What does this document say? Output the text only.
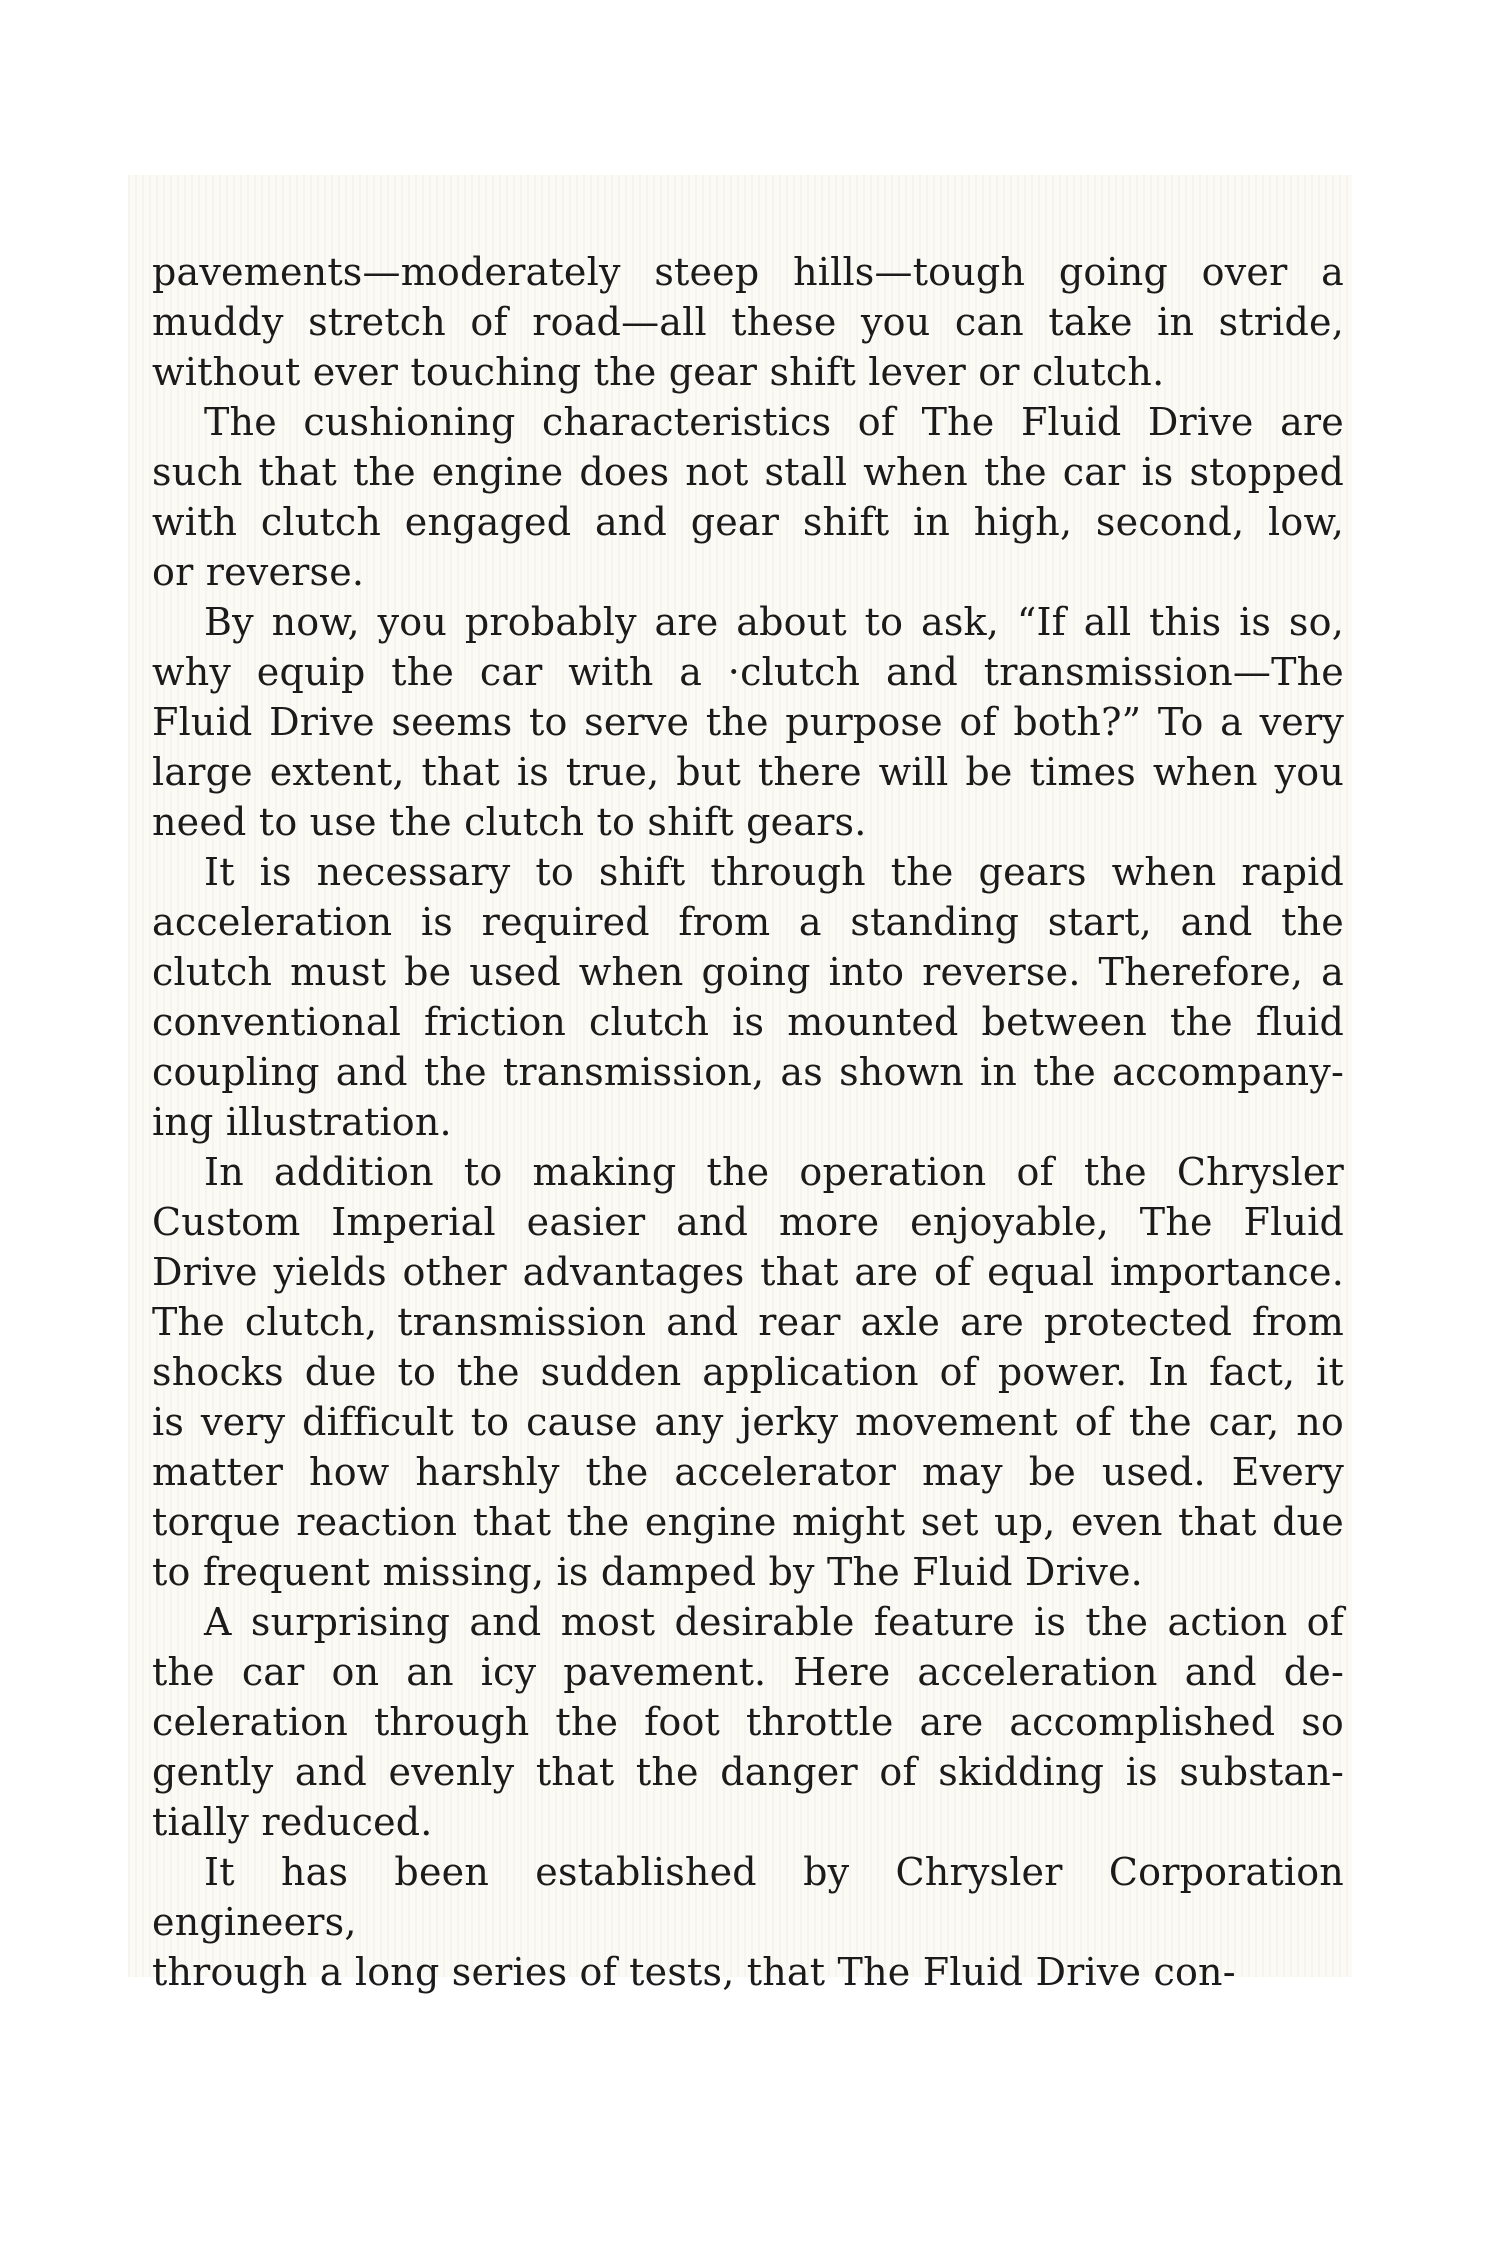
pavements—moderately steep hills—tough going over a
muddy stretch of road—all these you can take in stride,
without ever touching the gear shift lever or clutch.
The cushioning characteristics of The Fluid Drive are
such that the engine does not stall when the car is stopped
with clutch engaged and gear shift in high, second, low,
or reverse.
By now, you probably are about to ask, “If all this is so,
why equip the car with a ·clutch and transmission—The
Fluid Drive seems to serve the purpose of both?” To a very
large extent, that is true, but there will be times when you
need to use the clutch to shift gears.
It is necessary to shift through the gears when rapid
acceleration is required from a standing start, and the
clutch must be used when going into reverse. Therefore, a
conventional friction clutch is mounted between the fluid
coupling and the transmission, as shown in the accompany-
ing illustration.
In addition to making the operation of the Chrysler
Custom Imperial easier and more enjoyable, The Fluid
Drive yields other advantages that are of equal importance.
The clutch, transmission and rear axle are protected from
shocks due to the sudden application of power. In fact, it
is very difficult to cause any jerky movement of the car, no
matter how harshly the accelerator may be used. Every
torque reaction that the engine might set up, even that due
to frequent missing, is damped by The Fluid Drive.
A surprising and most desirable feature is the action of
the car on an icy pavement. Here acceleration and de-
celeration through the foot throttle are accomplished so
gently and evenly that the danger of skidding is substan-
tially reduced.
It has been established by Chrysler Corporation engineers,
through a long series of tests, that The Fluid Drive con-
